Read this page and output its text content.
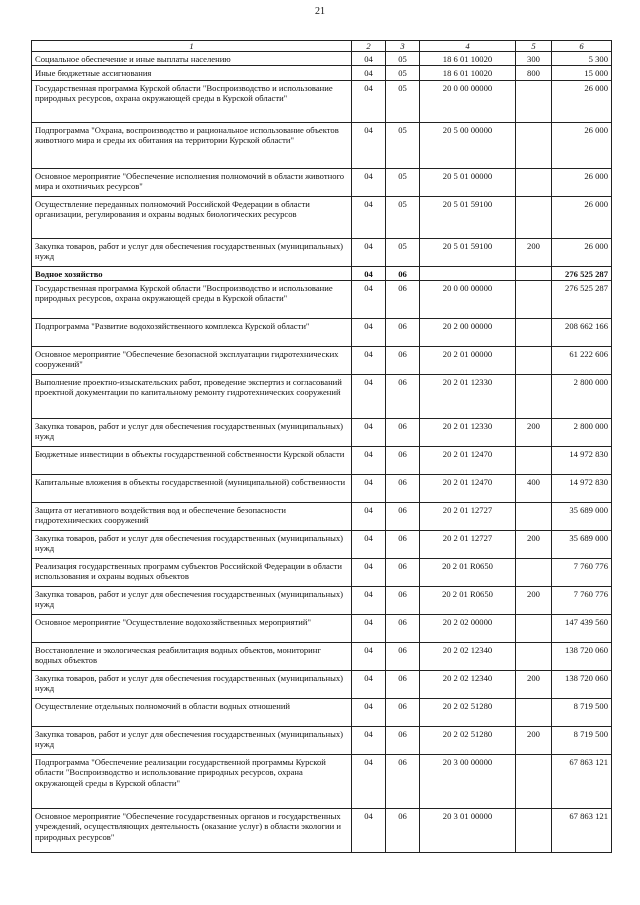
21
1	2	3	4	5	6
Социальное обеспечение и иные выплаты населению	04	05	18 6 01 10020	300	5 300
Иные бюджетные ассигнования	04	05	18 6 01 10020	800	15 000
Государственная программа Курской области "Воспроизводство и использование природных ресурсов, охрана окружающей среды в Курской области"	04	05	20 0 00 00000		26 000
Подпрограмма "Охрана, воспроизводство и рациональное использование объектов животного мира и среды их обитания на территории Курской области"	04	05	20 5 00 00000		26 000
Основное мероприятие "Обеспечение исполнения полномочий в области животного мира и охотничьих ресурсов"	04	05	20 5 01 00000		26 000
Осуществление переданных полномочий Российской Федерации в области организации, регулирования и охраны водных биологических ресурсов	04	05	20 5 01 59100		26 000
Закупка товаров, работ и услуг для обеспечения государственных (муниципальных) нужд	04	05	20 5 01 59100	200	26 000
Водное хозяйство	04	06			276 525 287
Государственная программа Курской области "Воспроизводство и использование природных ресурсов, охрана окружающей среды в Курской области"	04	06	20 0 00 00000		276 525 287
Подпрограмма "Развитие водохозяйственного комплекса Курской области"	04	06	20 2 00 00000		208 662 166
Основное мероприятие "Обеспечение безопасной эксплуатации гидротехнических сооружений"	04	06	20 2 01 00000		61 222 606
Выполнение проектно-изыскательских работ, проведение экспертиз и согласований проектной документации по капитальному ремонту гидротехнических сооружений	04	06	20 2 01 12330		2 800 000
Закупка товаров, работ и услуг для обеспечения государственных (муниципальных) нужд	04	06	20 2 01 12330	200	2 800 000
Бюджетные инвестиции в объекты государственной собственности Курской области	04	06	20 2 01 12470		14 972 830
Капитальные вложения в объекты государственной (муниципальной) собственности	04	06	20 2 01 12470	400	14 972 830
Защита от негативного воздействия вод и обеспечение безопасности гидротехнических сооружений	04	06	20 2 01 12727		35 689 000
Закупка товаров, работ и услуг для обеспечения государственных (муниципальных) нужд	04	06	20 2 01 12727	200	35 689 000
Реализация государственных программ субъектов Российской Федерации в области использования и охраны водных объектов	04	06	20 2 01 R0650		7 760 776
Закупка товаров, работ и услуг для обеспечения государственных (муниципальных) нужд	04	06	20 2 01 R0650	200	7 760 776
Основное мероприятие "Осуществление водохозяйственных мероприятий"	04	06	20 2 02 00000		147 439 560
Восстановление и экологическая реабилитация водных объектов, мониторинг водных объектов	04	06	20 2 02 12340		138 720 060
Закупка товаров, работ и услуг для обеспечения государственных (муниципальных) нужд	04	06	20 2 02 12340	200	138 720 060
Осуществление отдельных полномочий в области водных отношений	04	06	20 2 02 51280		8 719 500
Закупка товаров, работ и услуг для обеспечения государственных (муниципальных) нужд	04	06	20 2 02 51280	200	8 719 500
Подпрограмма "Обеспечение реализации государственной программы Курской области "Воспроизводство и использование природных ресурсов, охрана окружающей среды в Курской области"	04	06	20 3 00 00000		67 863 121
Основное мероприятие "Обеспечение государственных органов и государственных учреждений, осуществляющих деятельность (оказание услуг) в области экологии и природных ресурсов"	04	06	20 3 01 00000		67 863 121
